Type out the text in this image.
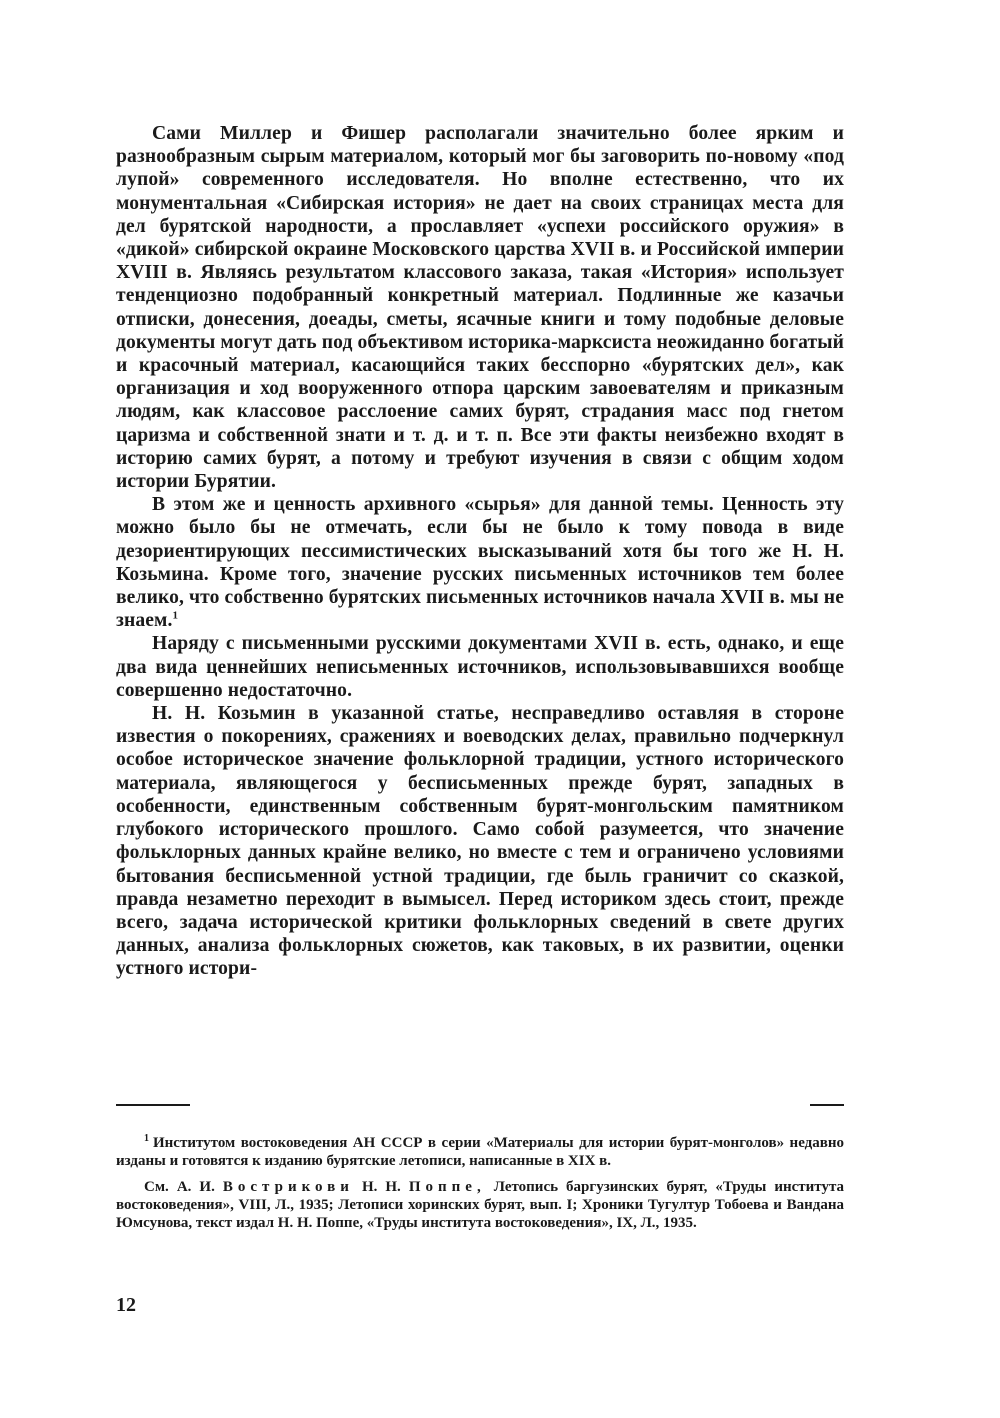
Сами Миллер и Фишер располагали значительно более ярким и разнообразным сырым материалом, который мог бы заговорить по-новому «под лупой» современного исследователя. Но вполне естественно, что их монументальная «Сибирская история» не дает на своих страницах места для дел бурятской народности, а прославляет «успехи российского оружия» в «дикой» сибирской окраине Московского царства XVII в. и Российской империи XVIII в. Являясь результатом классового заказа, такая «История» использует тенденциозно подобранный конкретный материал. Подлинные же казачьи отписки, донесения, доеады, сметы, ясачные книги и тому подобные деловые документы могут дать под объективом историка-марксиста неожиданно богатый и красочный материал, касающийся таких бесспорно «бурятских дел», как организация и ход вооруженного отпора царским завоевателям и приказным людям, как классовое расслоение самих бурят, страдания масс под гнетом царизма и собственной знати и т. д. и т. п. Все эти факты неизбежно входят в историю самих бурят, а потому и требуют изучения в связи с общим ходом истории Бурятии.

В этом же и ценность архивного «сырья» для данной темы. Ценность эту можно было бы не отмечать, если бы не было к тому повода в виде дезориентирующих пессимистических высказываний хотя бы того же Н. Н. Козьмина. Кроме того, значение русских письменных источников тем более велико, что собственно бурятских письменных источников начала XVII в. мы не знаем.$^1$

Наряду с письменными русскими документами XVII в. есть, однако, и еще два вида ценнейших неписьменных источников, использовывавшихся вообще совершенно недостаточно.

Н. Н. Козьмин в указанной статье, несправедливо оставляя в стороне известия о покорениях, сражениях и воеводских делах, правильно подчеркнул особое историческое значение фольклорной традиции, устного исторического материала, являющегося у бесписьменных прежде бурят, западных в особенности, единственным собственным бурят-монгольским памятником глубокого исторического прошлого. Само собой разумеется, что значение фольклорных данных крайне велико, но вместе с тем и ограничено условиями бытования бесписьменной устной традиции, где быль граничит со сказкой, правда незаметно переходит в вымысел. Перед историком здесь стоит, прежде всего, задача исторической критики фольклорных сведений в свете других данных, анализа фольклорных сюжетов, как таковых, в их развитии, оценки устного истори-

$^1$ Институтом востоковедения АН СССР в серии «Материалы для истории бурят-монголов» недавно изданы и готовятся к изданию бурятские летописи, написанные в XIX в.

См. А. И. Вострикови Н. Н. Поппе, Летопись баргузинских бурят, «Труды института востоковедения», VIII, Л., 1935; Летописи хоринских бурят, вып. I; Хроники Тугултур Тобоева и Вандана Юмсунова, текст издал Н. Н. Поппе, «Труды института востоковедения», IX, Л., 1935.

12
